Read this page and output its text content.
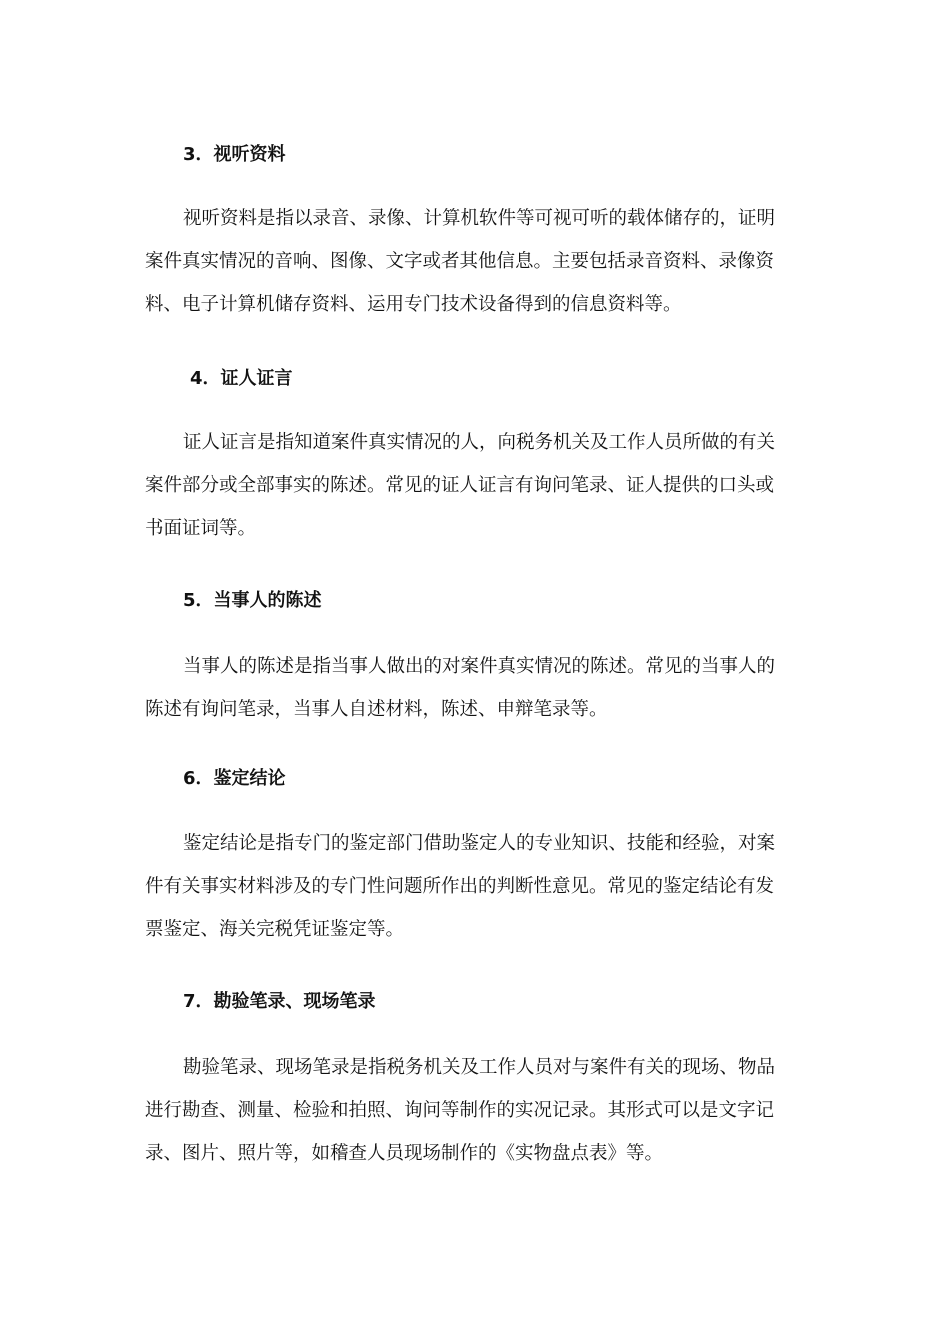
3．视听资料
视听资料是指以录音、录像、计算机软件等可视可听的载体储存的，证明
案件真实情况的音响、图像、文字或者其他信息。主要包括录音资料、录像资
料、电子计算机储存资料、运用专门技术设备得到的信息资料等。
4．证人证言
证人证言是指知道案件真实情况的人，向税务机关及工作人员所做的有关
案件部分或全部事实的陈述。常见的证人证言有询问笔录、证人提供的口头或
书面证词等。
5．当事人的陈述
当事人的陈述是指当事人做出的对案件真实情况的陈述。常见的当事人的
陈述有询问笔录，当事人自述材料，陈述、申辩笔录等。
6．鉴定结论
鉴定结论是指专门的鉴定部门借助鉴定人的专业知识、技能和经验，对案
件有关事实材料涉及的专门性问题所作出的判断性意见。常见的鉴定结论有发
票鉴定、海关完税凭证鉴定等。
7．勘验笔录、现场笔录
勘验笔录、现场笔录是指税务机关及工作人员对与案件有关的现场、物品
进行勘查、测量、检验和拍照、询问等制作的实况记录。其形式可以是文字记
录、图片、照片等，如稽查人员现场制作的《实物盘点表》等。
